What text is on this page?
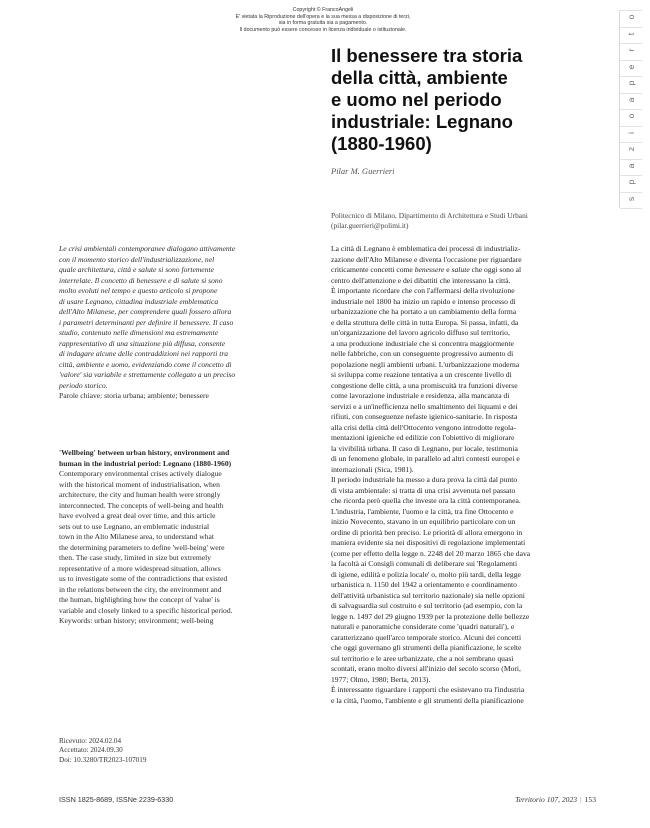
Copyright © FrancoAngeli
E' vietata la Riproduzione dell'opera e la sua messa a disposizione di terzi,
sia in forma gratuita sia a pagamento.
Il documento può essere concesso in licenza individuale o istituzionale.
Il benessere tra storia
della città, ambiente
e uomo nel periodo
industriale: Legnano
(1880-1960)
Pilar M. Guerrieri
Politecnico di Milano, Dipartimento di Architettura e Studi Urbani
(pilar.guerrieri@polimi.it)
o
t
r
e
p
a
o
i
z
a
p
s
Le crisi ambientali contemporanee dialogano attivamente
con il momento storico dell'industrializzazione, nel
quale architettura, città e salute si sono fortemente
interrelate. Il concetto di benessere e di salute si sono
molto evoluti nel tempo e questo articolo si propone
di usare Legnano, cittadina industriale emblematica
dell'Alto Milanese, per comprendere quali fossero allora
i parametri determinanti per definire il benessere. Il caso
studio, contenuto nelle dimensioni ma estremamente
rappresentativo di una situazione più diffusa, consente
di indagare alcune delle contraddizioni nei rapporti tra
città, ambiente e uomo, evidenziando come il concetto di
'valore' sia variabile e strettamente collegato a un preciso
periodo storico.
Parole chiave: storia urbana; ambiente; benessere
'Wellbeing' between urban history, environment and
human in the industrial period: Legnano (1880-1960)
Contemporary environmental crises actively dialogue
with the historical moment of industrialisation, when
architecture, the city and human health were strongly
interconnected. The concepts of well-being and health
have evolved a great deal over time, and this article
sets out to use Legnano, an emblematic industrial
town in the Alto Milanese area, to understand what
the determining parameters to define 'well-being' were
then. The case study, limited in size but extremely
representative of a more widespread situation, allows
us to investigate some of the contradictions that existed
in the relations between the city, the environment and
the human, highlighting how the concept of 'value' is
variable and closely linked to a specific historical period.
Keywords: urban history; environment; well-being
Ricevuto: 2024.02.04
Accettato: 2024.09.30
Doi: 10.3280/TR2023-107019
La città di Legnano è emblematica dei processi di industrializ-
zazione dell'Alto Milanese e diventa l'occasione per riguardare
criticamente concetti come benessere e salute che oggi sono al
centro dell'attenzione e dei dibattiti che interessano la città.
È importante ricordare che con l'affermarsi della rivoluzione
industriale nel 1800 ha inizio un rapido e intenso processo di
urbanizzazione che ha portato a un cambiamento della forma
e della struttura delle città in tutta Europa. Si passa, infatti, da
un'organizzazione del lavoro agricolo diffuso sul territorio,
a una produzione industriale che si concentra maggiormente
nelle fabbriche, con un conseguente progressivo aumento di
popolazione negli ambienti urbani. L'urbanizzazione moderna
si sviluppa come reazione tentativa a un crescente livello di
congestione delle città, a una promiscuità tra funzioni diverse
come lavorazione industriale e residenza, alla mancanza di
servizi e a un'inefficienza nello smaltimento dei liquami e dei
rifiuti, con conseguenze nefaste igienico-sanitarie. In risposta
alla crisi della città dell'Ottocento vengono introdotte regola-
mentazioni igieniche ed edilizie con l'obiettivo di migliorare
la vivibilità urbana. Il caso di Legnano, pur locale, testimonia
di un fenomeno globale, in parallelo ad altri contesti europei e
internazionali (Sica, 1981).
Il periodo industriale ha messo a dura prova la città dal punto
di vista ambientale: si tratta di una crisi avvenuta nel passato
che ricorda però quella che investe ora la città contemporanea.
L'industria, l'ambiente, l'uomo e la città, tra fine Ottocento e
inizio Novecento, stavano in un equilibrio particolare con un
ordine di priorità ben preciso. Le priorità di allora emergono in
maniera evidente sia nei dispositivi di regolazione implementati
(come per effetto della legge n. 2248 del 20 marzo 1865 che dava
la facoltà ai Consigli comunali di deliberare sui 'Regolamenti
di igiene, edilità e polizia locale' o, molto più tardi, della legge
urbanistica n. 1150 del 1942 a orientamento e coordinamento
dell'attività urbanistica sul territorio nazionale) sia nelle opzioni
di salvaguardia sul costruito e sul territorio (ad esempio, con la
legge n. 1497 del 29 giugno 1939 per la protezione delle bellezze
naturali e panoramiche considerate come 'quadri naturali'), e
caratterizzano quell'arco temporale storico. Alcuni dei concetti
che oggi governano gli strumenti della pianificazione, le scelte
sul territorio e le aree urbanizzate, che a noi sembrano quasi
scontati, erano molto diversi all'inizio del secolo scorso (Mori,
1977; Olmo, 1980; Berta, 2013).
È interessante riguardare i rapporti che esistevano tra l'industria
e la città, l'uomo, l'ambiente e gli strumenti della pianificazione
ISSN 1825-8689, ISSNe 2239-6330	Territorio 107, 2023 | 153
